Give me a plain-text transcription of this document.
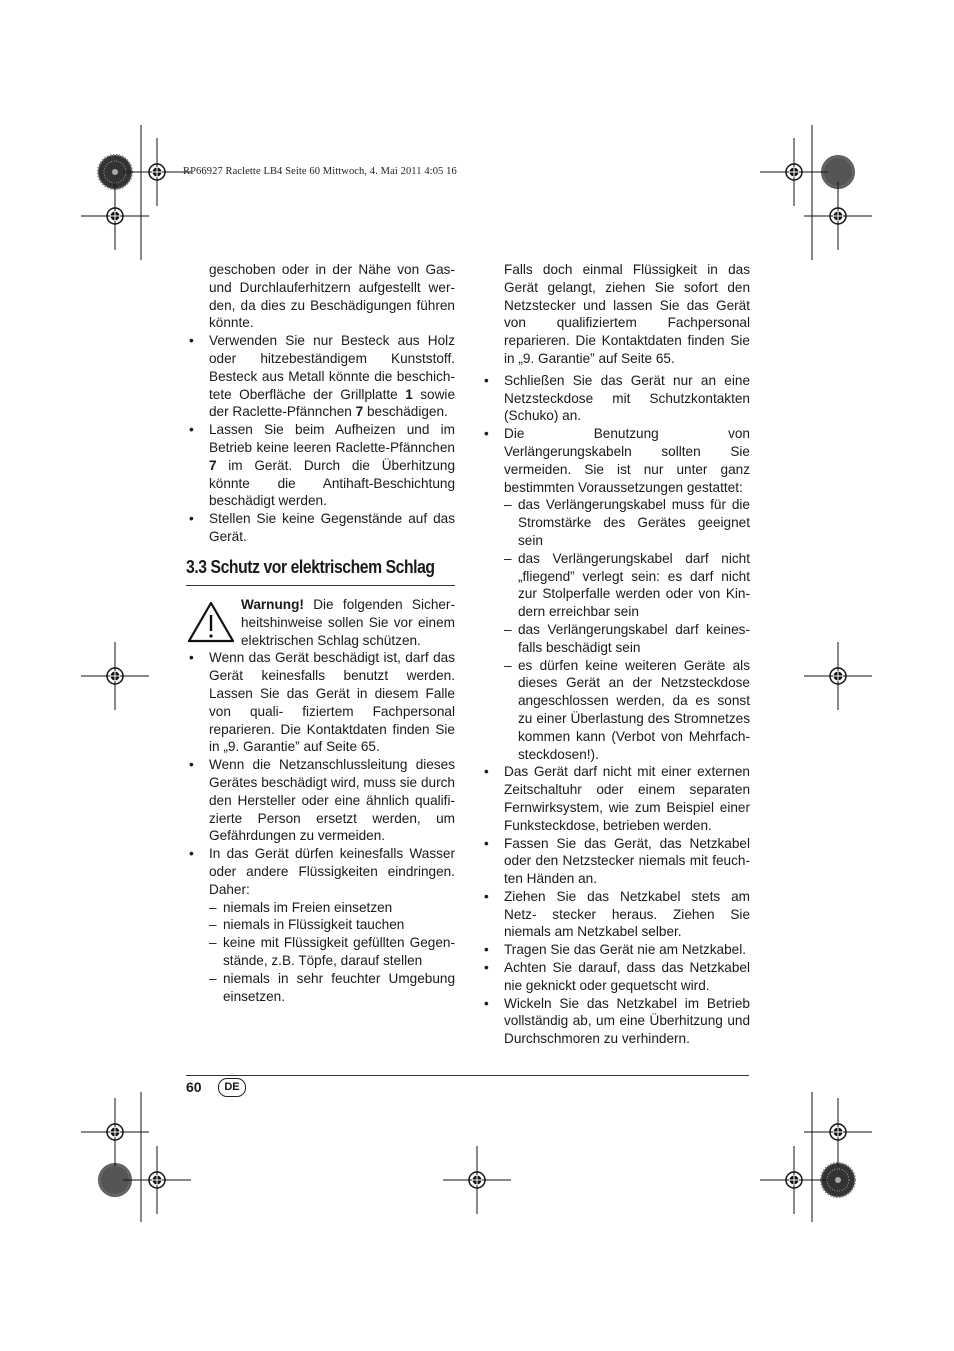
RP66927 Raclette LB4 Seite 60 Mittwoch, 4. Mai 2011 4:05 16

geschoben oder in der Nähe von Gas- und Durchlauferhitzern aufgestellt wer- den, da dies zu Beschädigungen führen könnte.

• Verwenden Sie nur Besteck aus Holz oder hitzebeständigem Kunststoff. Besteck aus Metall könnte die beschich- tete Oberfläche der Grillplatte 1 sowie der Raclette-Pfännchen 7 beschädigen.

• Lassen Sie beim Aufheizen und im Betrieb keine leeren Raclette-Pfännchen 7 im Gerät. Durch die Überhitzung könnte die Antihaft-Beschichtung beschädigt werden.

• Stellen Sie keine Gegenstände auf das Gerät.

3.3 Schutz vor elektrischem Schlag

Warnung! Die folgenden Sicher- heitshinweise sollen Sie vor einem elektrischen Schlag schützen.

• Wenn das Gerät beschädigt ist, darf das Gerät keinesfalls benutzt werden. Lassen Sie das Gerät in diesem Falle von quali- fiziertem Fachpersonal reparieren. Die Kontaktdaten finden Sie in „9. Garantie” auf Seite 65.

• Wenn die Netzanschlussleitung dieses Gerätes beschädigt wird, muss sie durch den Hersteller oder eine ähnlich qualifi- zierte Person ersetzt werden, um Gefährdungen zu vermeiden.

• In das Gerät dürfen keinesfalls Wasser oder andere Flüssigkeiten eindringen. Daher:

– niemals im Freien einsetzen

– niemals in Flüssigkeit tauchen

– keine mit Flüssigkeit gefüllten Gegen- stände, z.B. Töpfe, darauf stellen

– niemals in sehr feuchter Umgebung einsetzen.

Falls doch einmal Flüssigkeit in das Gerät gelangt, ziehen Sie sofort den Netzstecker und lassen Sie das Gerät von qualifiziertem Fachpersonal reparieren. Die Kontaktdaten finden Sie in „9. Garantie” auf Seite 65.

• Schließen Sie das Gerät nur an eine Netzsteckdose mit Schutzkontakten (Schuko) an.

• Die Benutzung von Verlängerungskabeln sollten Sie vermeiden. Sie ist nur unter ganz bestimmten Voraussetzungen gestattet:

– das Verlängerungskabel muss für die Stromstärke des Gerätes geeignet sein

– das Verlängerungskabel darf nicht „fliegend” verlegt sein: es darf nicht zur Stolperfalle werden oder von Kin- dern erreichbar sein

– das Verlängerungskabel darf keines- falls beschädigt sein

– es dürfen keine weiteren Geräte als dieses Gerät an der Netzsteckdose angeschlossen werden, da es sonst zu einer Überlastung des Stromnetzes kommen kann (Verbot von Mehrfach- steckdosen!).

• Das Gerät darf nicht mit einer externen Zeitschaltuhr oder einem separaten Fernwirksystem, wie zum Beispiel einer Funksteckdose, betrieben werden.

• Fassen Sie das Gerät, das Netzkabel oder den Netzstecker niemals mit feuch- ten Händen an.

• Ziehen Sie das Netzkabel stets am Netz- stecker heraus. Ziehen Sie niemals am Netzkabel selber.

• Tragen Sie das Gerät nie am Netzkabel.

• Achten Sie darauf, dass das Netzkabel nie geknickt oder gequetscht wird.

• Wickeln Sie das Netzkabel im Betrieb vollständig ab, um eine Überhitzung und Durchschmoren zu verhindern.

60	DE
